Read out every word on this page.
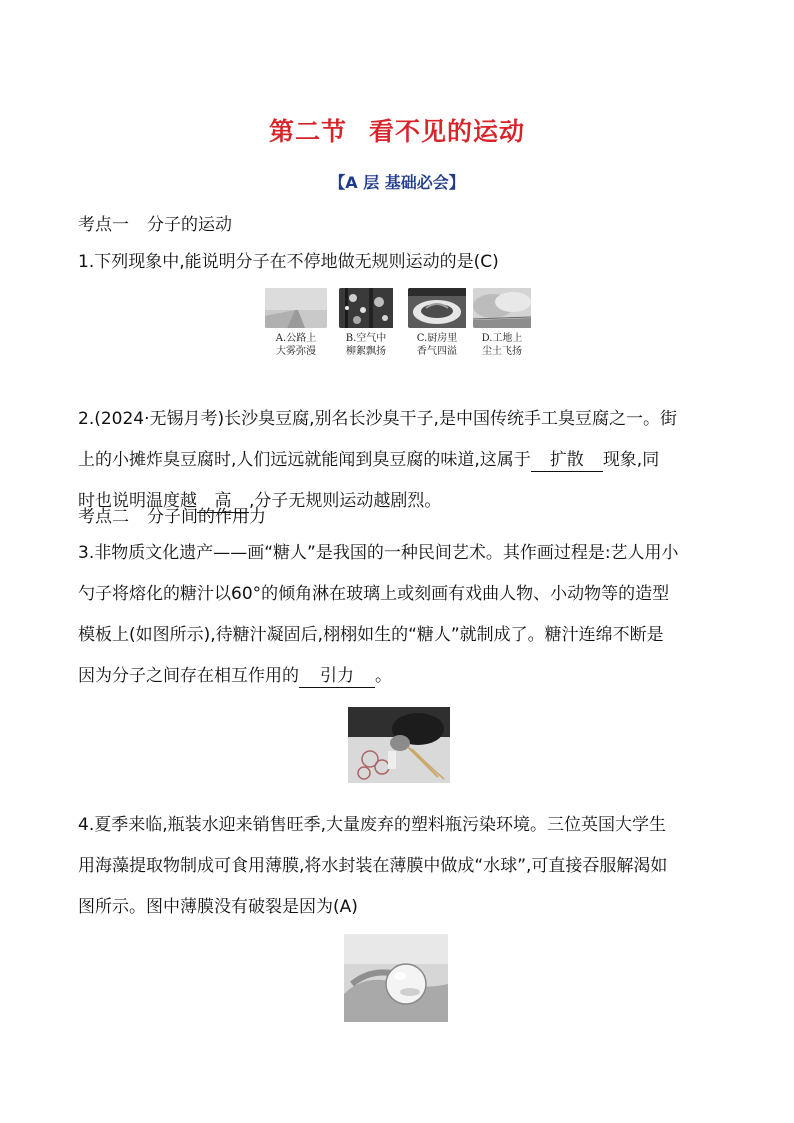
第二节 看不见的运动
【A 层 基础必会】
考点一 分子的运动
1.下列现象中,能说明分子在不停地做无规则运动的是(C)
A.公路上
大雾弥漫
B.空气中
柳絮飘扬
C.厨房里
香气四溢
D.工地上
尘土飞扬
2.(2024·无锡月考)长沙臭豆腐,别名长沙臭干子,是中国传统手工臭豆腐之一。街
上的小摊炸臭豆腐时,人们远远就能闻到臭豆腐的味道,这属于 扩散 现象,同
时也说明温度越 高 ,分子无规则运动越剧烈。
考点二 分子间的作用力
3.非物质文化遗产——画“糖人”是我国的一种民间艺术。其作画过程是:艺人用小
勺子将熔化的糖汁以60°的倾角淋在玻璃上或刻画有戏曲人物、小动物等的造型
模板上(如图所示),待糖汁凝固后,栩栩如生的“糖人”就制成了。糖汁连绵不断是
因为分子之间存在相互作用的 引力 。
4.夏季来临,瓶装水迎来销售旺季,大量废弃的塑料瓶污染环境。三位英国大学生
用海藻提取物制成可食用薄膜,将水封装在薄膜中做成“水球”,可直接吞服解渴如
图所示。图中薄膜没有破裂是因为(A)
